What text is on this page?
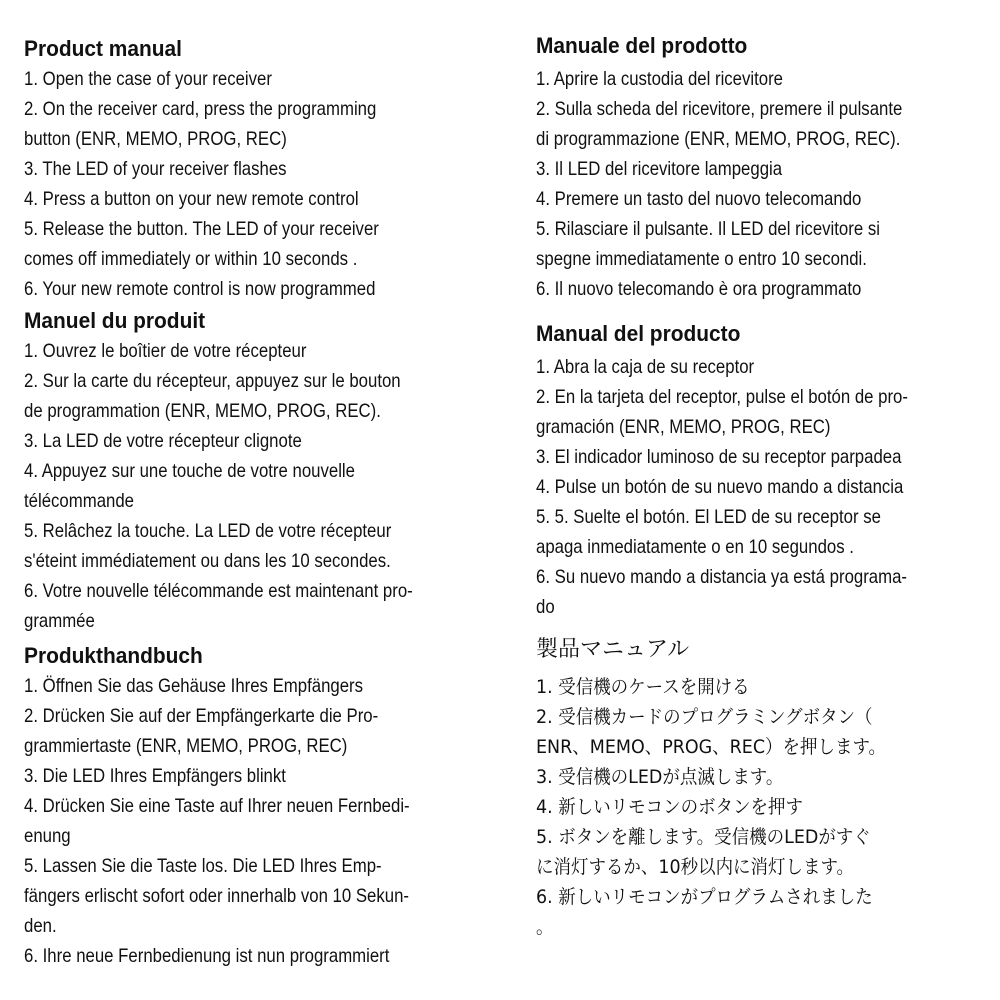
Product manual

1. Open the case of your receiver

2. On the receiver card, press the programming

button (ENR, MEMO, PROG, REC)

3. The LED of your receiver flashes

4. Press a button on your new remote control

5. Release the button. The LED of your receiver

comes off immediately or within 10 seconds .

6. Your new remote control is now programmed

Manuel du produit

1. Ouvrez le boîtier de votre récepteur

2. Sur la carte du récepteur, appuyez sur le bouton

de programmation (ENR, MEMO, PROG, REC).

3. La LED de votre récepteur clignote

4. Appuyez sur une touche de votre nouvelle

télécommande

5. Relâchez la touche. La LED de votre récepteur

s'éteint immédiatement ou dans les 10 secondes.

6. Votre nouvelle télécommande est maintenant pro-

grammée

Produkthandbuch

1. Öffnen Sie das Gehäuse Ihres Empfängers

2. Drücken Sie auf der Empfängerkarte die Pro-

grammiertaste (ENR, MEMO, PROG, REC)

3. Die LED Ihres Empfängers blinkt

4. Drücken Sie eine Taste auf Ihrer neuen Fernbedi-

enung

5. Lassen Sie die Taste los. Die LED Ihres Emp-

fängers erlischt sofort oder innerhalb von 10 Sekun-

den.

6. Ihre neue Fernbedienung ist nun programmiert

Manuale del prodotto

1. Aprire la custodia del ricevitore

2. Sulla scheda del ricevitore, premere il pulsante

di programmazione (ENR, MEMO, PROG, REC).

3. Il LED del ricevitore lampeggia

4. Premere un tasto del nuovo telecomando

5. Rilasciare il pulsante. Il LED del ricevitore si

spegne immediatamente o entro 10 secondi.

6. Il nuovo telecomando è ora programmato

Manual del producto

1. Abra la caja de su receptor

2. En la tarjeta del receptor, pulse el botón de pro-

gramación (ENR, MEMO, PROG, REC)

3. El indicador luminoso de su receptor parpadea

4. Pulse un botón de su nuevo mando a distancia

5. 5. Suelte el botón. El LED de su receptor se

apaga inmediatamente o en 10 segundos .

6. Su nuevo mando a distancia ya está programa-

do

製品マニュアル

1. 受信機のケースを開ける

2. 受信機カードのプログラミングボタン（

ENR、MEMO、PROG、REC）を押します。

3. 受信機のLEDが点滅します。

4. 新しいリモコンのボタンを押す

5. ボタンを離します。受信機のLEDがすぐ

に消灯するか、10秒以内に消灯します。

6. 新しいリモコンがプログラムされました

。
